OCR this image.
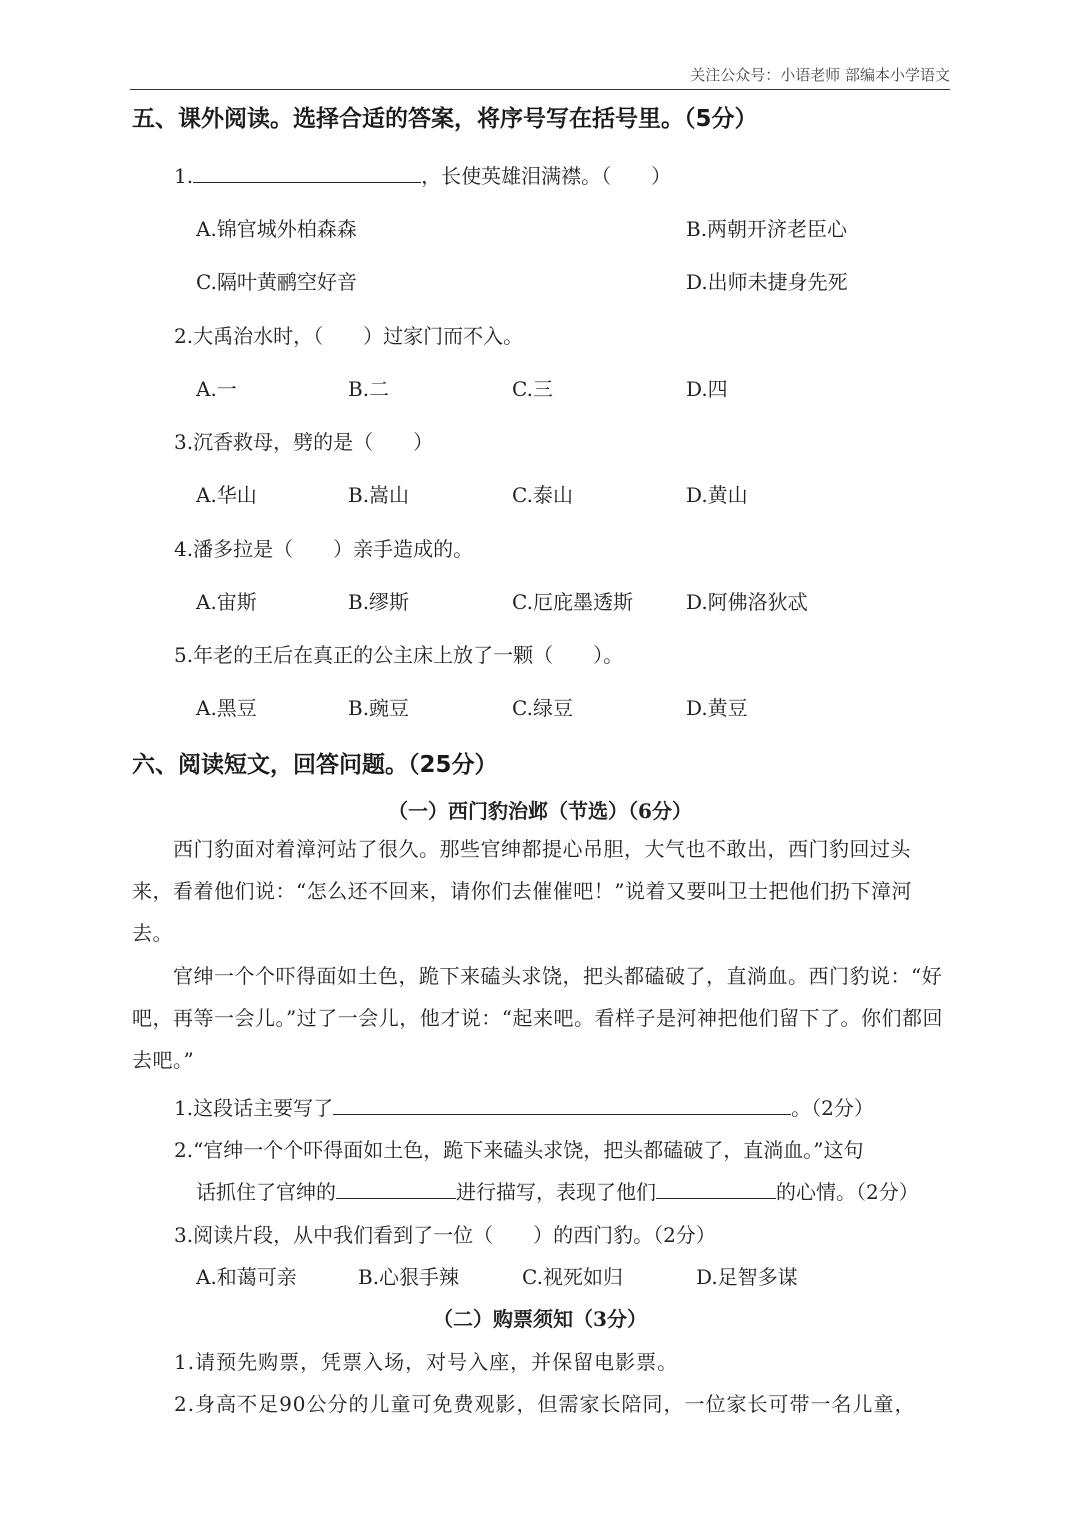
关注公众号：小语老师 部编本小学语文
五、课外阅读。选择合适的答案，将序号写在括号里。（5分）
1.	，长使英雄泪满襟。（　　）
A.锦官城外柏森森	B.两朝开济老臣心
C.隔叶黄鹂空好音	D.出师未捷身先死
2.大禹治水时，（　　）过家门而不入。
A.一	B.二	C.三	D.四
3.沉香救母，劈的是（　　）
A.华山	B.嵩山	C.泰山	D.黄山
4.潘多拉是（　　）亲手造成的。
A.宙斯	B.缪斯	C.厄庇墨透斯	D.阿佛洛狄忒
5.年老的王后在真正的公主床上放了一颗（　　）。
A.黑豆	B.豌豆	C.绿豆	D.黄豆
六、阅读短文，回答问题。（25分）
（一）西门豹治邺（节选）（6分）
　　西门豹面对着漳河站了很久。那些官绅都提心吊胆，大气也不敢出，西门豹回过头来，看着他们说：“怎么还不回来，请你们去催催吧！”说着又要叫卫士把他们扔下漳河去。
　　官绅一个个吓得面如土色，跪下来磕头求饶，把头都磕破了，直淌血。西门豹说：“好吧，再等一会儿。”过了一会儿，他才说：“起来吧。看样子是河神把他们留下了。你们都回去吧。”
1.这段话主要写了	。（2分）
2.“官绅一个个吓得面如土色，跪下来磕头求饶，把头都磕破了，直淌血。”这句
话抓住了官绅的	进行描写，表现了他们	的心情。（2分）
3.阅读片段，从中我们看到了一位（　　）的西门豹。（2分）
A.和蔼可亲	B.心狠手辣	C.视死如归	D.足智多谋
（二）购票须知（3分）
1.请预先购票，凭票入场，对号入座，并保留电影票。
2.身高不足90公分的儿童可免费观影，但需家长陪同，一位家长可带一名儿童，
